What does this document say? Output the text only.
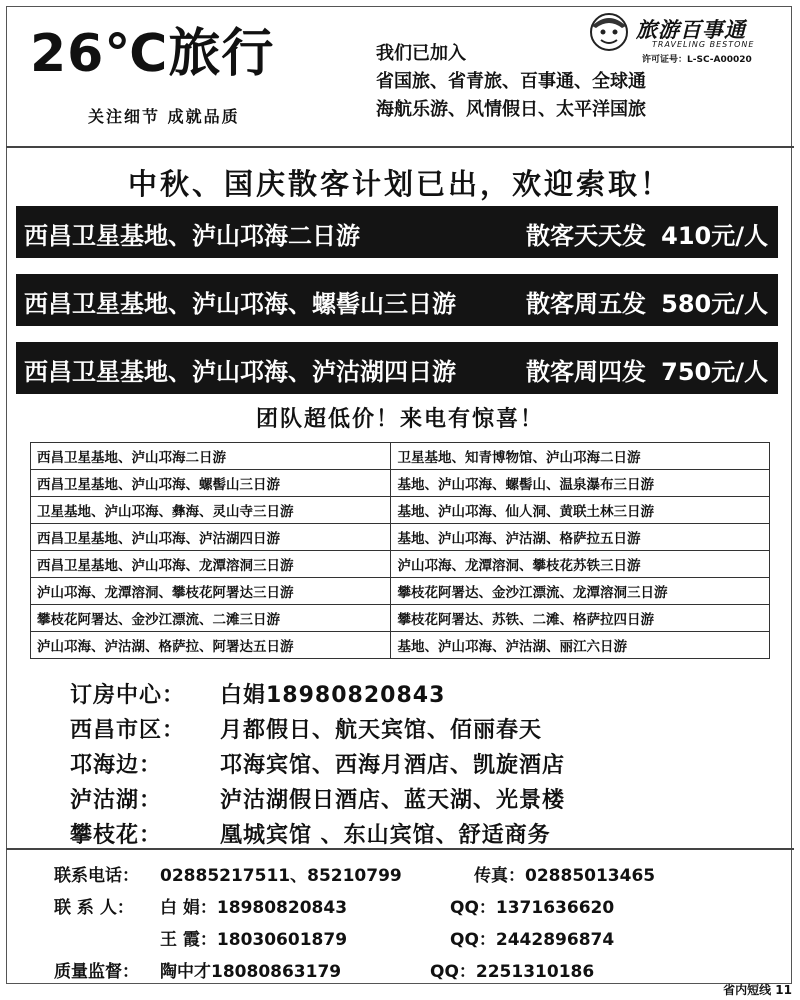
26℃旅行
关注细节 成就品质
我们已加入
省国旅、省青旅、百事通、全球通
海航乐游、风情假日、太平洋国旅
旅游百事通
TRAVELING BESTONE
许可证号：L-SC-A00020
中秋、国庆散客计划已出，欢迎索取！
西昌卫星基地、泸山邛海二日游	散客天天发 410元/人
西昌卫星基地、泸山邛海、螺髻山三日游	散客周五发 580元/人
西昌卫星基地、泸山邛海、泸沽湖四日游	散客周四发 750元/人
团队超低价！来电有惊喜！
西昌卫星基地、泸山邛海二日游	卫星基地、知青博物馆、泸山邛海二日游
西昌卫星基地、泸山邛海、螺髻山三日游	基地、泸山邛海、螺髻山、温泉瀑布三日游
卫星基地、泸山邛海、彝海、灵山寺三日游	基地、泸山邛海、仙人洞、黄联土林三日游
西昌卫星基地、泸山邛海、泸沽湖四日游	基地、泸山邛海、泸沽湖、格萨拉五日游
西昌卫星基地、泸山邛海、龙潭溶洞三日游	泸山邛海、龙潭溶洞、攀枝花苏铁三日游
泸山邛海、龙潭溶洞、攀枝花阿署达三日游	攀枝花阿署达、金沙江漂流、龙潭溶洞三日游
攀枝花阿署达、金沙江漂流、二滩三日游	攀枝花阿署达、苏铁、二滩、格萨拉四日游
泸山邛海、泸沽湖、格萨拉、阿署达五日游	基地、泸山邛海、泸沽湖、丽江六日游
订房中心： 白娟18980820843
西昌市区： 月都假日、航天宾馆、佰丽春天
邛海边：	邛海宾馆、西海月酒店、凯旋酒店
泸沽湖：	泸沽湖假日酒店、蓝天湖、光景楼
攀枝花：	凰城宾馆 、东山宾馆、舒适商务
联系电话： 02885217511、85210799	传真：02885013465
联 系 人： 白 娟：18980820843	QQ：1371636620
王 霞：18030601879	QQ：2442896874
质量监督： 陶中才18080863179	QQ：2251310186
省内短线 11
